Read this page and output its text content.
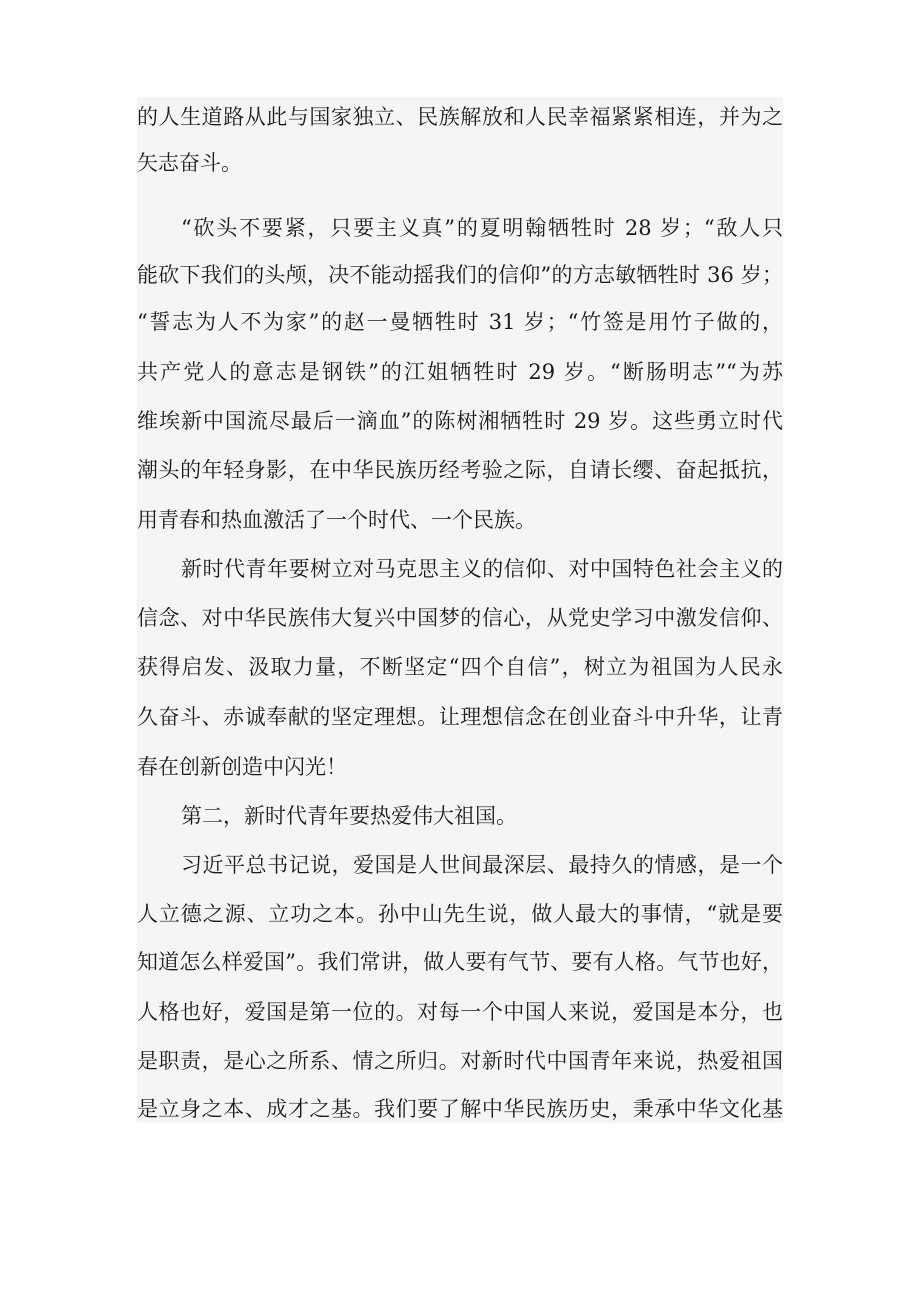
的人生道路从此与国家独立、民族解放和人民幸福紧紧相连，并为之
矢志奋斗。
“砍头不要紧，只要主义真”的夏明翰牺牲时 28 岁；“敌人只
能砍下我们的头颅，决不能动摇我们的信仰”的方志敏牺牲时 36 岁；
“誓志为人不为家”的赵一曼牺牲时 31 岁；“竹签是用竹子做的，
共产党人的意志是钢铁”的江姐牺牲时 29 岁。“断肠明志”“为苏
维埃新中国流尽最后一滴血”的陈树湘牺牲时 29 岁。这些勇立时代
潮头的年轻身影，在中华民族历经考验之际，自请长缨、奋起抵抗，
用青春和热血激活了一个时代、一个民族。
新时代青年要树立对马克思主义的信仰、对中国特色社会主义的
信念、对中华民族伟大复兴中国梦的信心，从党史学习中激发信仰、
获得启发、汲取力量，不断坚定“四个自信”，树立为祖国为人民永
久奋斗、赤诚奉献的坚定理想。让理想信念在创业奋斗中升华，让青
春在创新创造中闪光！
第二，新时代青年要热爱伟大祖国。
习近平总书记说，爱国是人世间最深层、最持久的情感，是一个
人立德之源、立功之本。孙中山先生说，做人最大的事情，“就是要
知道怎么样爱国”。我们常讲，做人要有气节、要有人格。气节也好，
人格也好，爱国是第一位的。对每一个中国人来说，爱国是本分，也
是职责，是心之所系、情之所归。对新时代中国青年来说，热爱祖国
是立身之本、成才之基。我们要了解中华民族历史，秉承中华文化基
